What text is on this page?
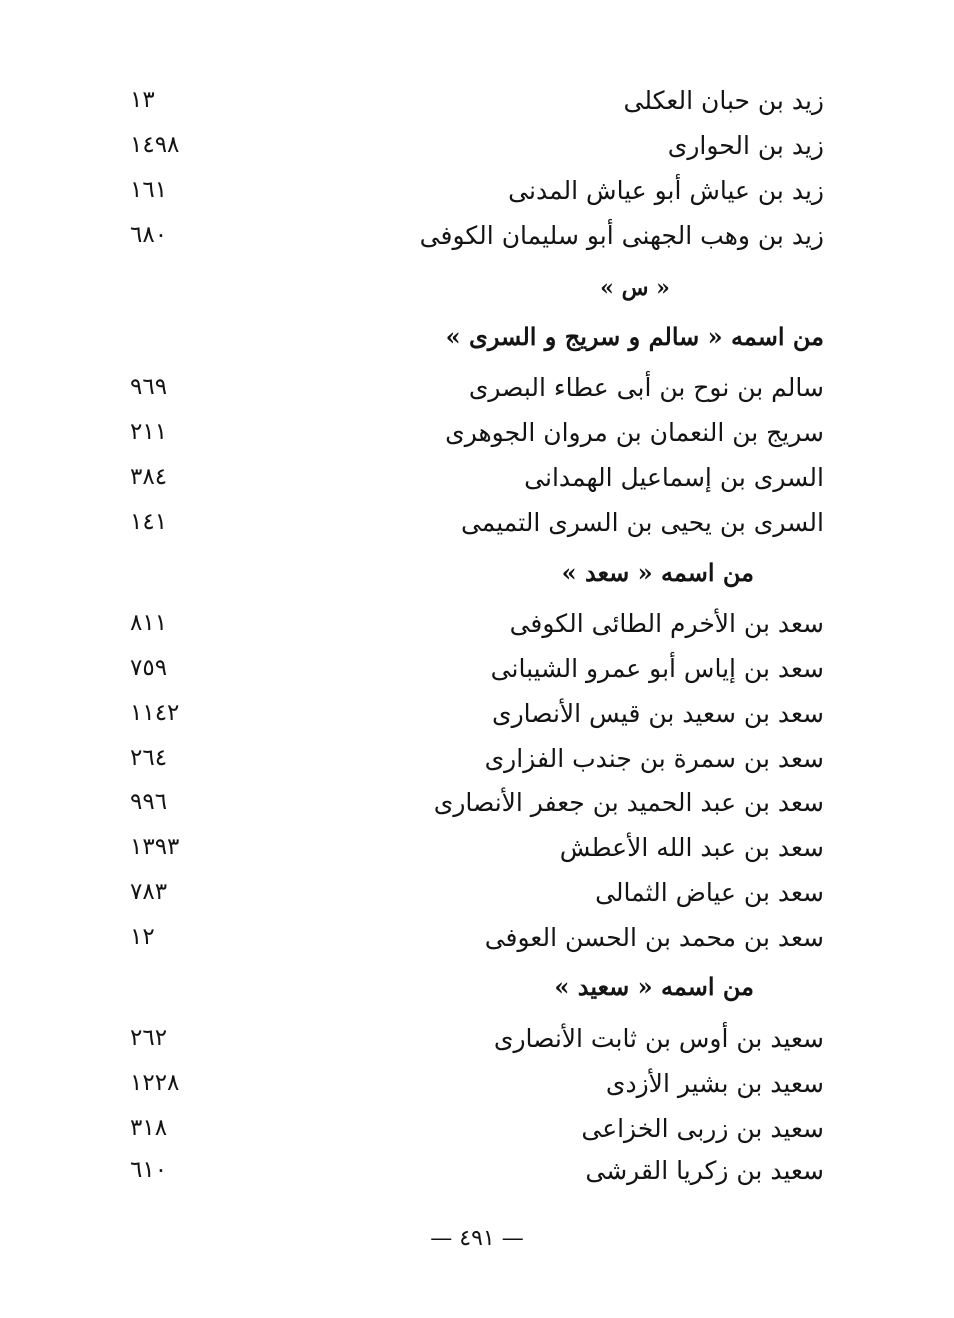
زيد بن حبان العكلى
١٣
زيد بن الحوارى
١٤٩٨
زيد بن عياش أبو عياش المدنى
١٦١
زيد بن وهب الجهنى أبو سليمان الكوفى
٦٨٠
« س »
من اسمه « سالم و سريج و السرى »
سالم بن نوح بن أبى عطاء البصرى
٩٦٩
سريج بن النعمان بن مروان الجوهرى
٢١١
السرى بن إسماعيل الهمدانى
٣٨٤
السرى بن يحيى بن السرى التميمى
١٤١
من اسمه « سعد »
سعد بن الأخرم الطائى الكوفى
٨١١
سعد بن إياس أبو عمرو الشيبانى
٧٥٩
سعد بن سعيد بن قيس الأنصارى
١١٤٢
سعد بن سمرة بن جندب الفزارى
٢٦٤
سعد بن عبد الحميد بن جعفر الأنصارى
٩٩٦
سعد بن عبد الله الأعطش
١٣٩٣
سعد بن عياض الثمالى
٧٨٣
سعد بن محمد بن الحسن العوفى
١٢
من اسمه « سعيد »
سعيد بن أوس بن ثابت الأنصارى
٢٦٢
سعيد بن بشير الأزدى
١٢٢٨
سعيد بن زربى الخزاعى
٣١٨
سعيد بن زكريا القرشى
٦١٠
— ٤٩١ —
